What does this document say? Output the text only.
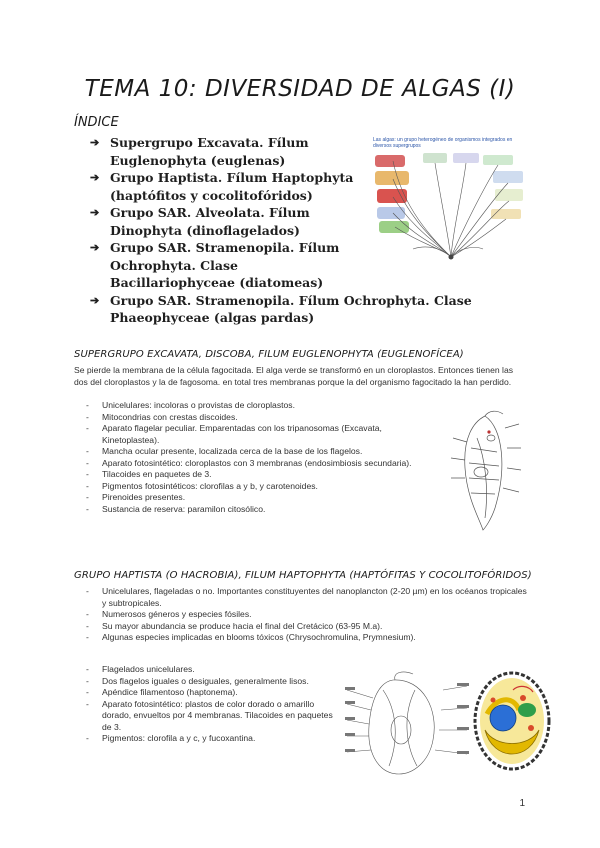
TEMA 10: DIVERSIDAD DE ALGAS (I)
ÍNDICE
➔ Supergrupo Excavata. Fílum Euglenophyta (euglenas)
➔ Grupo Haptista. Fílum Haptophyta (haptófitos y cocolitofóridos)
➔ Grupo SAR. Alveolata. Fílum Dinophyta (dinoflagelados)
➔ Grupo SAR. Stramenopila. Fílum Ochrophyta. Clase Bacillariophyceae (diatomeas)
➔ Grupo SAR. Stramenopila. Fílum Ochrophyta. Clase Phaeophyceae (algas pardas)
Las algas: un grupo heterogéneo de organismos integrados en diversos supergrupos
SUPERGRUPO EXCAVATA, DISCOBA, FILUM EUGLENOPHYTA (EUGLENOFÍCEA)
Se pierde la membrana de la célula fagocitada. El alga verde se transformó en un cloroplastos. Entonces tienen las dos del cloroplastos y la de fagosoma. en total tres membranas porque la del organismo fagocitado la han perdido.
- Unicelulares: incoloras o provistas de cloroplastos.
- Mitocondrias con crestas discoides.
- Aparato flagelar peculiar. Emparentadas con los tripanosomas (Excavata, Kinetoplastea).
- Mancha ocular presente, localizada cerca de la base de los flagelos.
- Aparato fotosintético: cloroplastos con 3 membranas (endosimbiosis secundaria).
- Tilacoides en paquetes de 3.
- Pigmentos fotosintéticos: clorofilas a y b, y carotenoides.
- Pirenoides presentes.
- Sustancia de reserva: paramilon citosólico.
GRUPO HAPTISTA (O HACROBIA), FILUM HAPTOPHYTA (HAPTÓFITAS Y COCOLITOFÓRIDOS)
- Unicelulares, flageladas o no. Importantes constituyentes del nanoplancton (2-20 µm) en los océanos tropicales y subtropicales.
- Numerosos géneros y especies fósiles.
- Su mayor abundancia se produce hacia el final del Cretácico (63-95 M.a).
- Algunas especies implicadas en blooms tóxicos (Chrysochromulina, Prymnesium).
- Flagelados unicelulares.
- Dos flagelos iguales o desiguales, generalmente lisos.
- Apéndice filamentoso (haptonema).
- Aparato fotosintético: plastos de color dorado o amarillo dorado, envueltos por 4 membranas. Tilacoides en paquetes de 3.
- Pigmentos: clorofila a y c, y fucoxantina.
1
